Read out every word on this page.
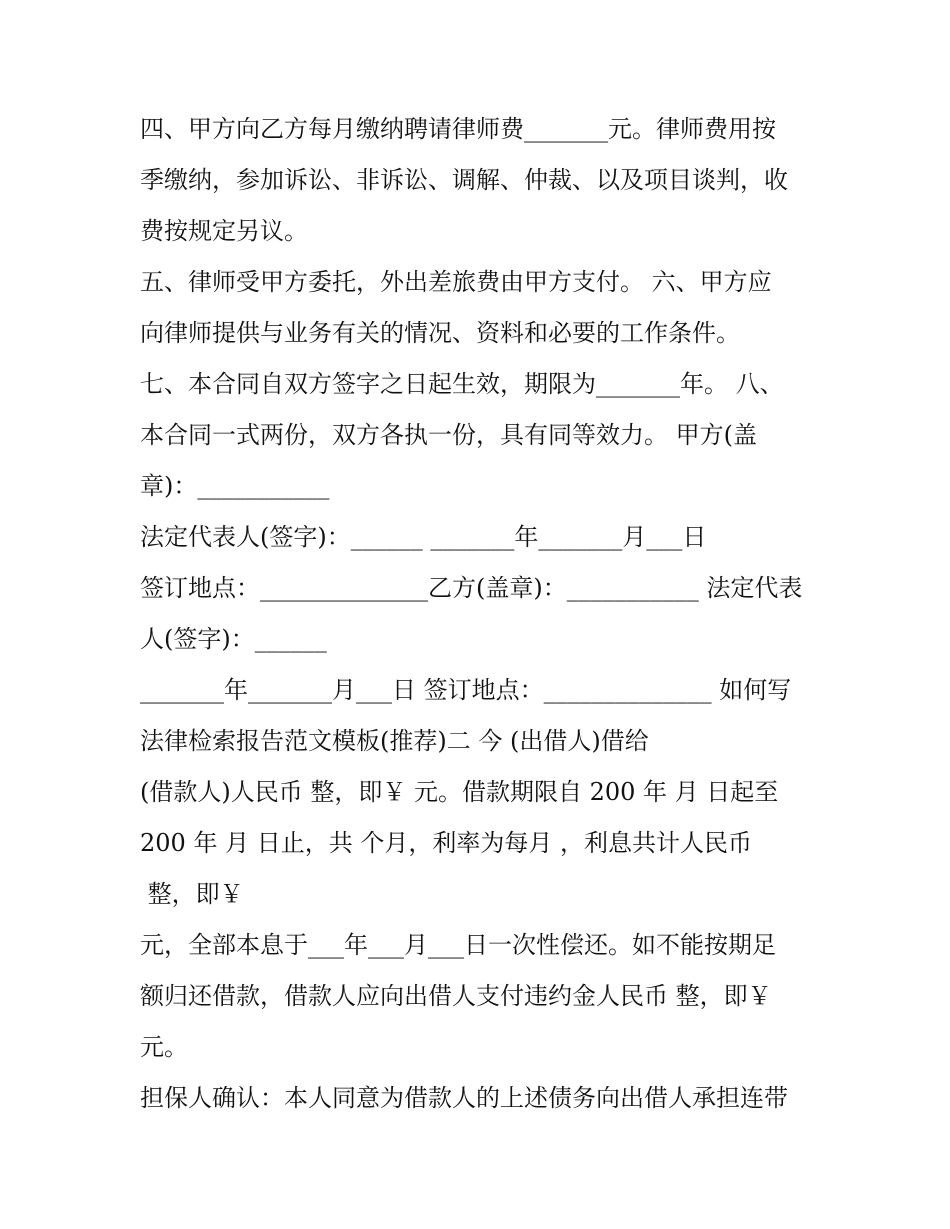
四、甲方向乙方每月缴纳聘请律师费_______元。律师费用按
季缴纳，参加诉讼、非诉讼、调解、仲裁、以及项目谈判，收
费按规定另议。
五、律师受甲方委托，外出差旅费由甲方支付。 六、甲方应
向律师提供与业务有关的情况、资料和必要的工作条件。
七、本合同自双方签字之日起生效，期限为_______年。 八、
本合同一式两份，双方各执一份，具有同等效力。 甲方(盖
章)：___________
法定代表人(签字)：______ _______年_______月___日
签订地点：______________乙方(盖章)：___________ 法定代表
人(签字)：______
_______年_______月___日 签订地点：______________ 如何写
法律检索报告范文模板(推荐)二 今 (出借人)借给
(借款人)人民币 整，即￥ 元。借款期限自 200 年 月 日起至
200 年 月 日止，共 个月，利率为每月 ，利息共计人民币
整，即￥
元，全部本息于___年___月___日一次性偿还。如不能按期足
额归还借款，借款人应向出借人支付违约金人民币 整，即￥
元。
担保人确认：本人同意为借款人的上述债务向出借人承担连带
